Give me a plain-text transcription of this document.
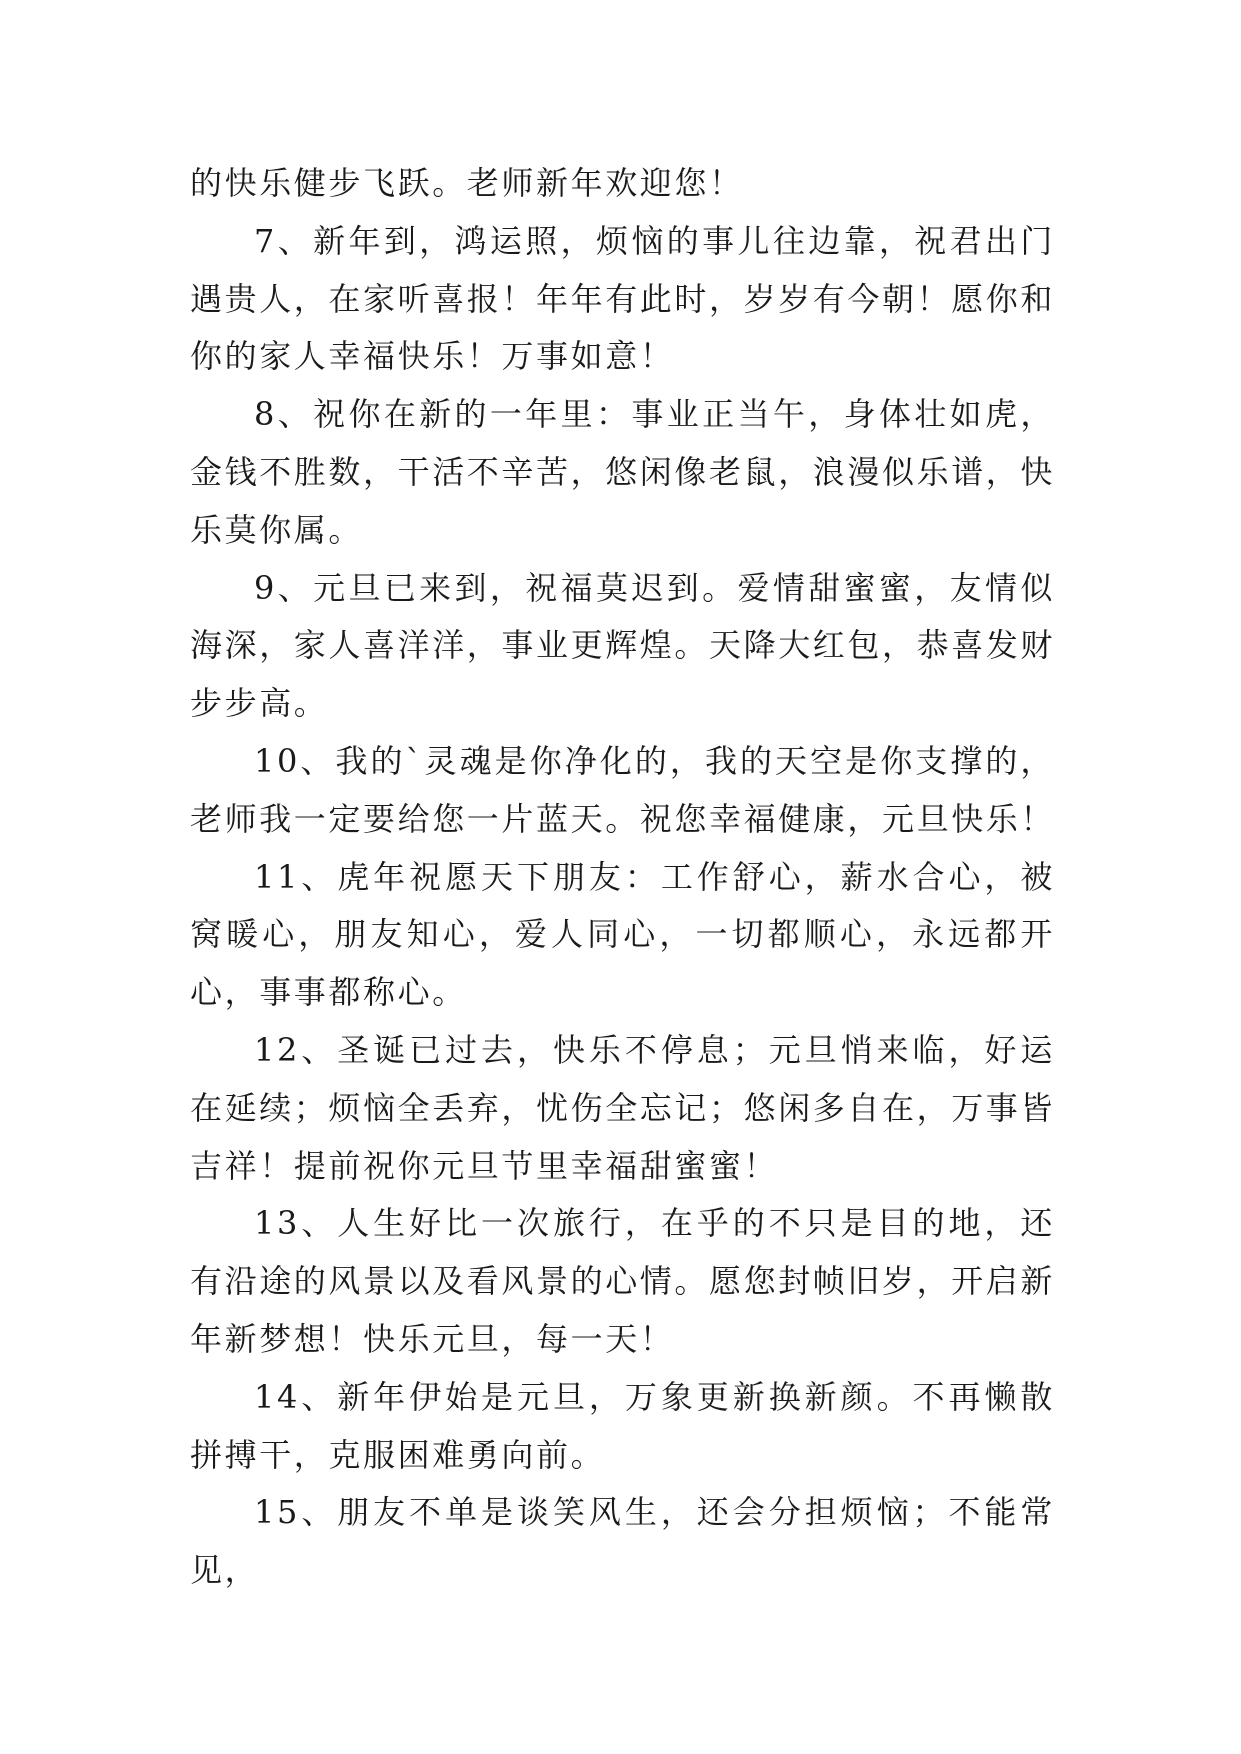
的快乐健步飞跃。老师新年欢迎您！

7、新年到，鸿运照，烦恼的事儿往边靠，祝君出门遇贵人，在家听喜报！年年有此时，岁岁有今朝！愿你和你的家人幸福快乐！万事如意！

8、祝你在新的一年里：事业正当午，身体壮如虎，金钱不胜数，干活不辛苦，悠闲像老鼠，浪漫似乐谱，快乐莫你属。

9、元旦已来到，祝福莫迟到。爱情甜蜜蜜，友情似海深，家人喜洋洋，事业更辉煌。天降大红包，恭喜发财步步高。

10、我的`灵魂是你净化的，我的天空是你支撑的，老师我一定要给您一片蓝天。祝您幸福健康，元旦快乐！

11、虎年祝愿天下朋友：工作舒心，薪水合心，被窝暖心，朋友知心，爱人同心，一切都顺心，永远都开心，事事都称心。

12、圣诞已过去，快乐不停息；元旦悄来临，好运在延续；烦恼全丢弃，忧伤全忘记；悠闲多自在，万事皆吉祥！提前祝你元旦节里幸福甜蜜蜜！

13、人生好比一次旅行，在乎的不只是目的地，还有沿途的风景以及看风景的心情。愿您封帧旧岁，开启新年新梦想！快乐元旦，每一天！

14、新年伊始是元旦，万象更新换新颜。不再懒散拼搏干，克服困难勇向前。

15、朋友不单是谈笑风生，还会分担烦恼；不能常见，
